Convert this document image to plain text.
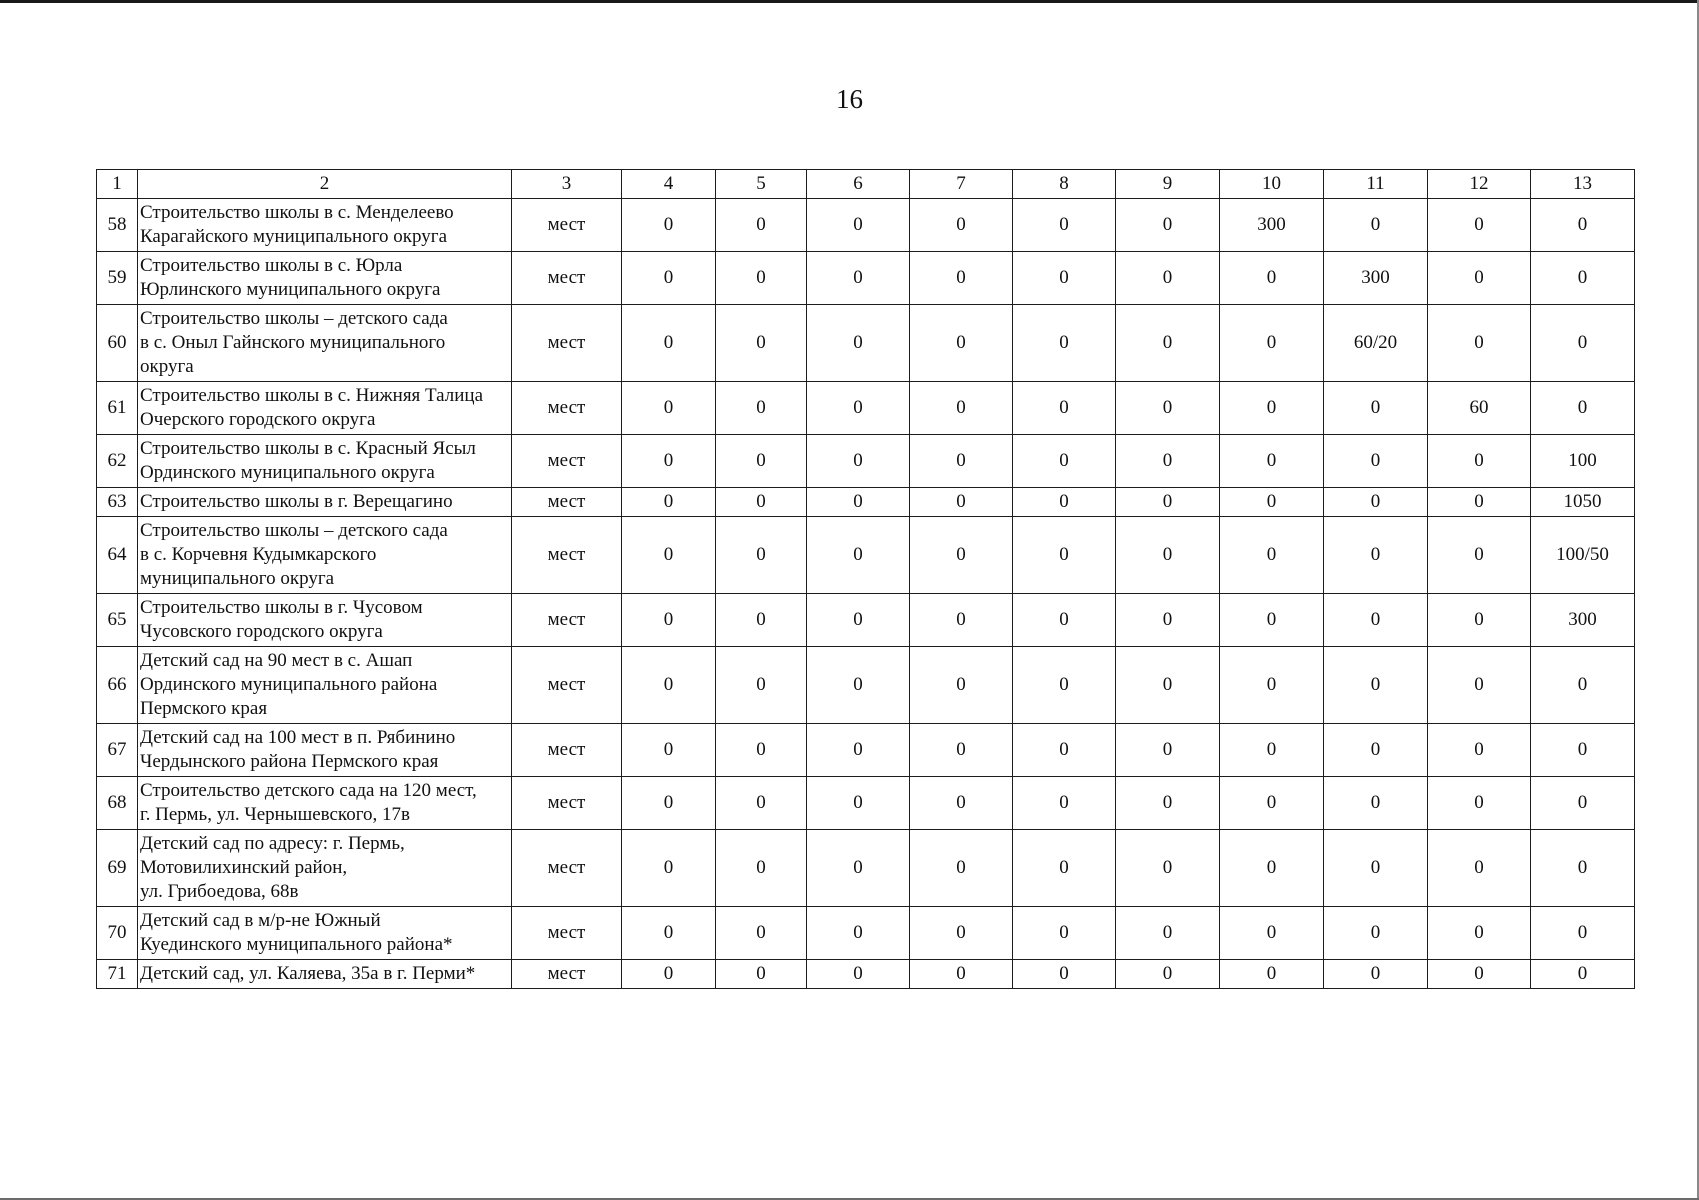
16
1	2	3	4	5	6	7	8	9	10	11	12	13
58	Строительство школы в с. Менделеево
Карагайского муниципального округа	мест	0	0	0	0	0	0	300	0	0	0
59	Строительство школы в с. Юрла
Юрлинского муниципального округа	мест	0	0	0	0	0	0	0	300	0	0
60	Строительство школы – детского сада
в с. Оныл Гайнского муниципального
округа	мест	0	0	0	0	0	0	0	60/20	0	0
61	Строительство школы в с. Нижняя Талица
Очерского городского округа	мест	0	0	0	0	0	0	0	0	60	0
62	Строительство школы в с. Красный Ясыл
Ординского муниципального округа	мест	0	0	0	0	0	0	0	0	0	100
63	Строительство школы в г. Верещагино	мест	0	0	0	0	0	0	0	0	0	1050
64	Строительство школы – детского сада
в с. Корчевня Кудымкарского
муниципального округа	мест	0	0	0	0	0	0	0	0	0	100/50
65	Строительство школы в г. Чусовом
Чусовского городского округа	мест	0	0	0	0	0	0	0	0	0	300
66	Детский сад на 90 мест в с. Ашап
Ординского муниципального района
Пермского края	мест	0	0	0	0	0	0	0	0	0	0
67	Детский сад на 100 мест в п. Рябинино
Чердынского района Пермского края	мест	0	0	0	0	0	0	0	0	0	0
68	Строительство детского сада на 120 мест,
г. Пермь, ул. Чернышевского, 17в	мест	0	0	0	0	0	0	0	0	0	0
69	Детский сад по адресу: г. Пермь,
Мотовилихинский район,
ул. Грибоедова, 68в	мест	0	0	0	0	0	0	0	0	0	0
70	Детский сад в м/р-не Южный
Куединского муниципального района*	мест	0	0	0	0	0	0	0	0	0	0
71	Детский сад, ул. Каляева, 35а в г. Перми*	мест	0	0	0	0	0	0	0	0	0	0
